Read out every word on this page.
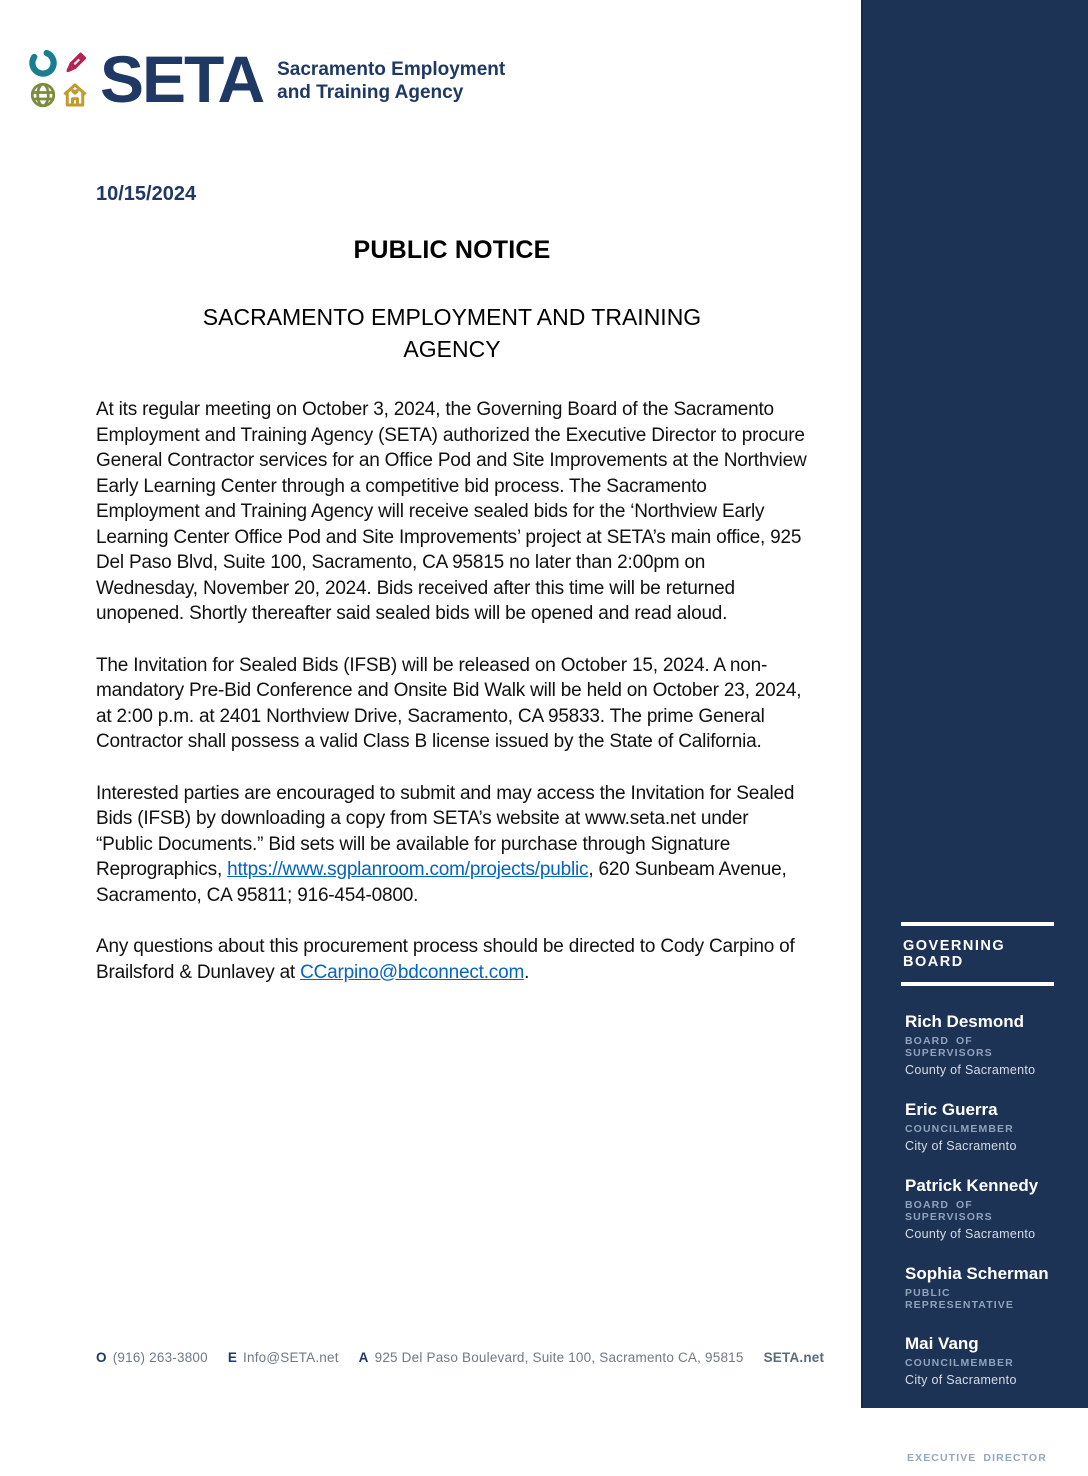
SETA Sacramento Employment
and Training Agency
10/15/2024
PUBLIC NOTICE
SACRAMENTO EMPLOYMENT AND TRAINING AGENCY

At its regular meeting on October 3, 2024, the Governing Board of the Sacramento Employment and Training Agency (SETA) authorized the Executive Director to procure General Contractor services for an Office Pod and Site Improvements at the Northview Early Learning Center through a competitive bid process. The Sacramento Employment and Training Agency will receive sealed bids for the ‘Northview Early Learning Center Office Pod and Site Improvements’ project at SETA’s main office, 925 Del Paso Blvd, Suite 100, Sacramento, CA 95815 no later than 2:00pm on Wednesday, November 20, 2024. Bids received after this time will be returned unopened. Shortly thereafter said sealed bids will be opened and read aloud.

The Invitation for Sealed Bids (IFSB) will be released on October 15, 2024. A non-mandatory Pre-Bid Conference and Onsite Bid Walk will be held on October 23, 2024, at 2:00 p.m. at 2401 Northview Drive, Sacramento, CA 95833. The prime General Contractor shall possess a valid Class B license issued by the State of California.

Interested parties are encouraged to submit and may access the Invitation for Sealed Bids (IFSB) by downloading a copy from SETA’s website at www.seta.net under “Public Documents.” Bid sets will be available for purchase through Signature Reprographics, https://www.sgplanroom.com/projects/public, 620 Sunbeam Avenue, Sacramento, CA 95811; 916-454-0800.

Any questions about this procurement process should be directed to Cody Carpino of Brailsford & Dunlavey at CCarpino@bdconnect.com.

O (916) 263-3800 E Info@SETA.net A 925 Del Paso Boulevard, Suite 100, Sacramento CA, 95815 SETA.net
GOVERNING BOARD
Rich Desmond
BOARD OF SUPERVISORS
County of Sacramento
Eric Guerra
COUNCILMEMBER
City of Sacramento
Patrick Kennedy
BOARD OF SUPERVISORS
County of Sacramento
Sophia Scherman
PUBLIC REPRESENTATIVE
Mai Vang
COUNCILMEMBER
City of Sacramento
Anita Maldonado
EXECUTIVE DIRECTOR
